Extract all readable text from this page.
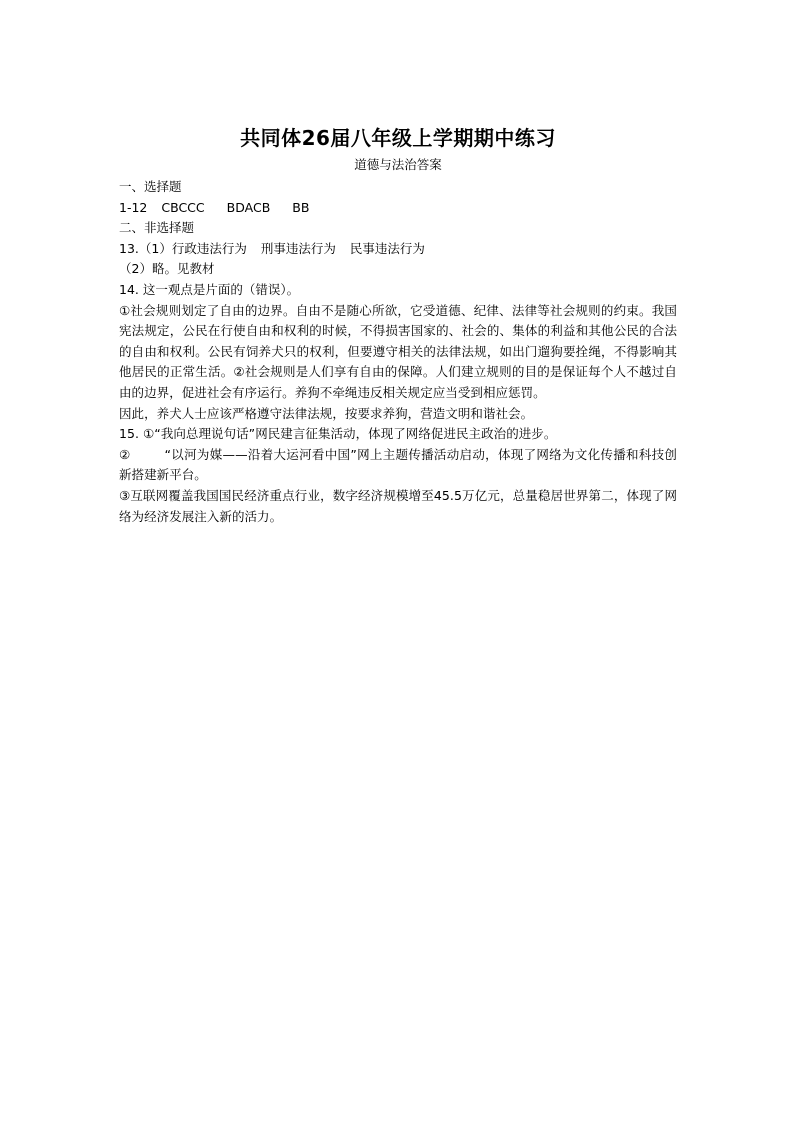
共同体26届八年级上学期期中练习
道德与法治答案
一、选择题
1-12 CBCCC BDACB BB
二、非选择题
13.（1）行政违法行为 刑事违法行为 民事违法行为
（2）略。见教材
14. 这一观点是片面的（错误）。
①社会规则划定了自由的边界。自由不是随心所欲，它受道德、纪律、法律等社会规则的约束。我国宪法规定，公民在行使自由和权利的时候，不得损害国家的、社会的、集体的利益和其他公民的合法的自由和权利。公民有饲养犬只的权利，但要遵守相关的法律法规，如出门遛狗要拴绳，不得影响其他居民的正常生活。②社会规则是人们享有自由的保障。人们建立规则的目的是保证每个人不越过自由的边界，促进社会有序运行。养狗不牵绳违反相关规定应当受到相应惩罚。
因此，养犬人士应该严格遵守法律法规，按要求养狗，营造文明和谐社会。
15. ①“我向总理说句话”网民建言征集活动，体现了网络促进民主政治的进步。
②	“以河为媒——沿着大运河看中国”网上主题传播活动启动，体现了网络为文化传播和科技创新搭建新平台。
③互联网覆盖我国国民经济重点行业，数字经济规模增至45.5万亿元，总量稳居世界第二，体现了网络为经济发展注入新的活力。
